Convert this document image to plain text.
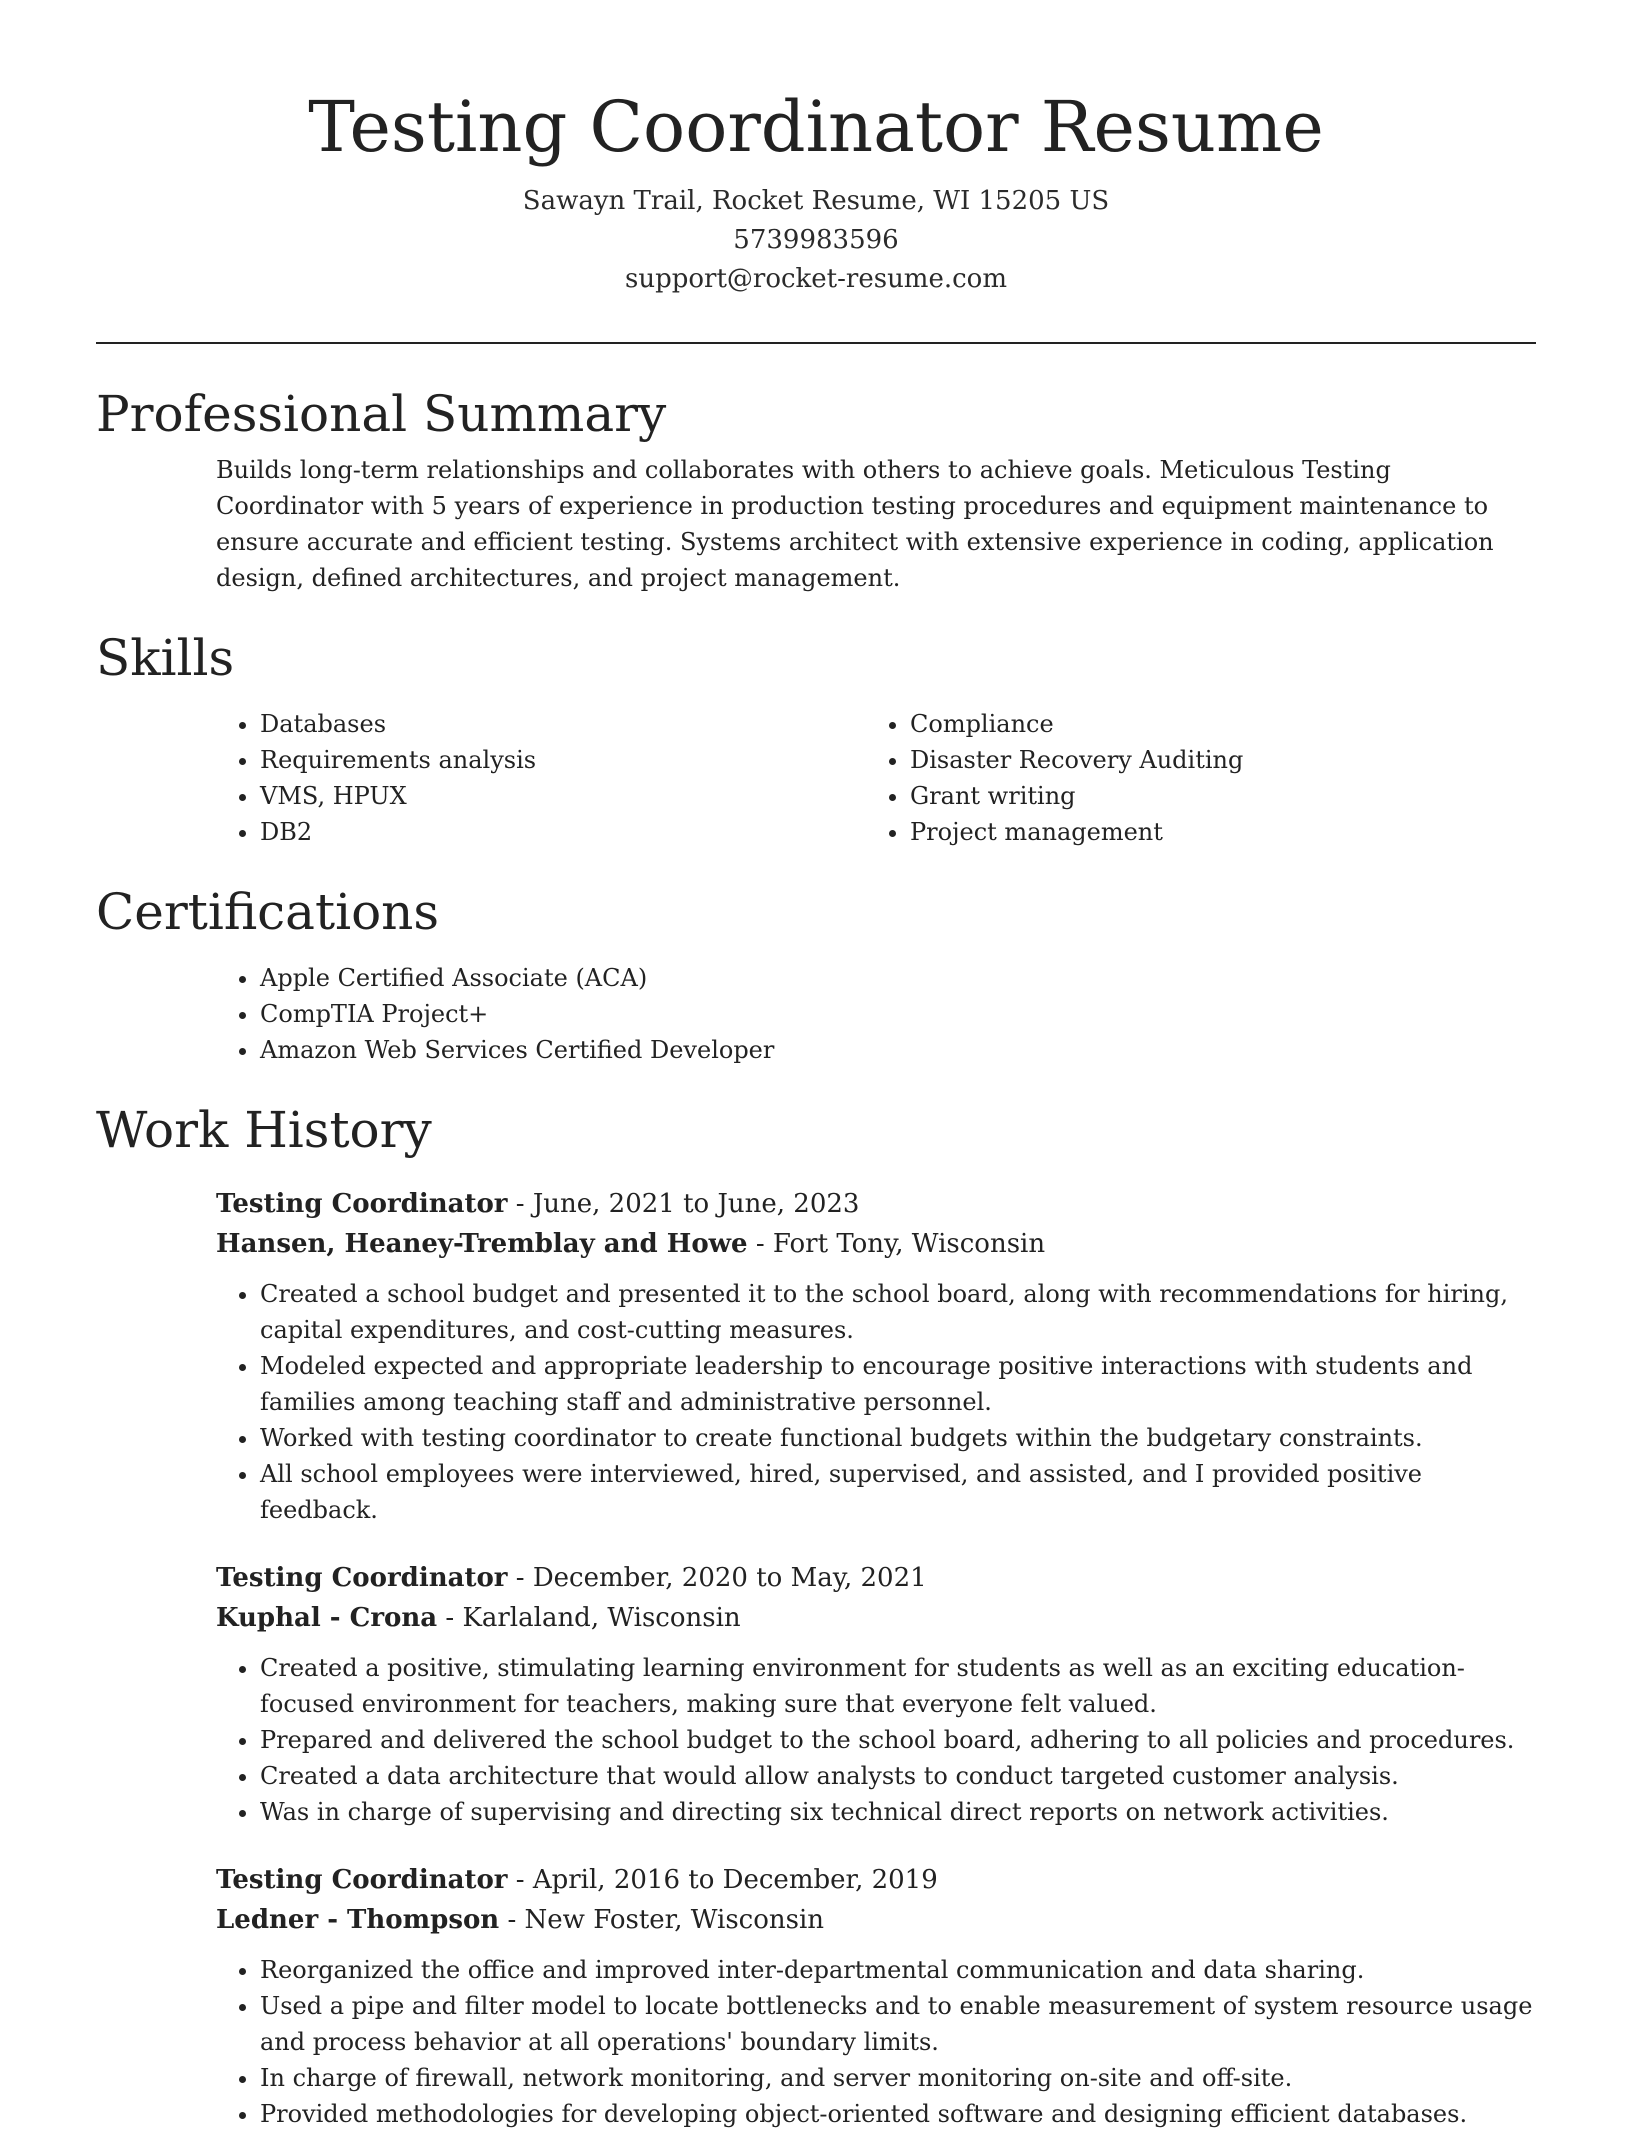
Testing Coordinator Resume
Sawayn Trail, Rocket Resume, WI 15205 US
5739983596
support@rocket-resume.com
Professional Summary
Builds long-term relationships and collaborates with others to achieve goals. Meticulous Testing Coordinator with 5 years of experience in production testing procedures and equipment maintenance to ensure accurate and efficient testing. Systems architect with extensive experience in coding, application design, defined architectures, and project management.
Skills
• Databases
• Requirements analysis
• VMS, HPUX
• DB2
• Compliance
• Disaster Recovery Auditing
• Grant writing
• Project management
Certifications
• Apple Certified Associate (ACA)
• CompTIA Project+
• Amazon Web Services Certified Developer
Work History
Testing Coordinator - June, 2021 to June, 2023
Hansen, Heaney-Tremblay and Howe - Fort Tony, Wisconsin
• Created a school budget and presented it to the school board, along with recommendations for hiring, capital expenditures, and cost-cutting measures.
• Modeled expected and appropriate leadership to encourage positive interactions with students and families among teaching staff and administrative personnel.
• Worked with testing coordinator to create functional budgets within the budgetary constraints.
• All school employees were interviewed, hired, supervised, and assisted, and I provided positive feedback.
Testing Coordinator - December, 2020 to May, 2021
Kuphal - Crona - Karlaland, Wisconsin
• Created a positive, stimulating learning environment for students as well as an exciting education-focused environment for teachers, making sure that everyone felt valued.
• Prepared and delivered the school budget to the school board, adhering to all policies and procedures.
• Created a data architecture that would allow analysts to conduct targeted customer analysis.
• Was in charge of supervising and directing six technical direct reports on network activities.
Testing Coordinator - April, 2016 to December, 2019
Ledner - Thompson - New Foster, Wisconsin
• Reorganized the office and improved inter-departmental communication and data sharing.
• Used a pipe and filter model to locate bottlenecks and to enable measurement of system resource usage and process behavior at all operations' boundary limits.
• In charge of firewall, network monitoring, and server monitoring on-site and off-site.
• Provided methodologies for developing object-oriented software and designing efficient databases.
